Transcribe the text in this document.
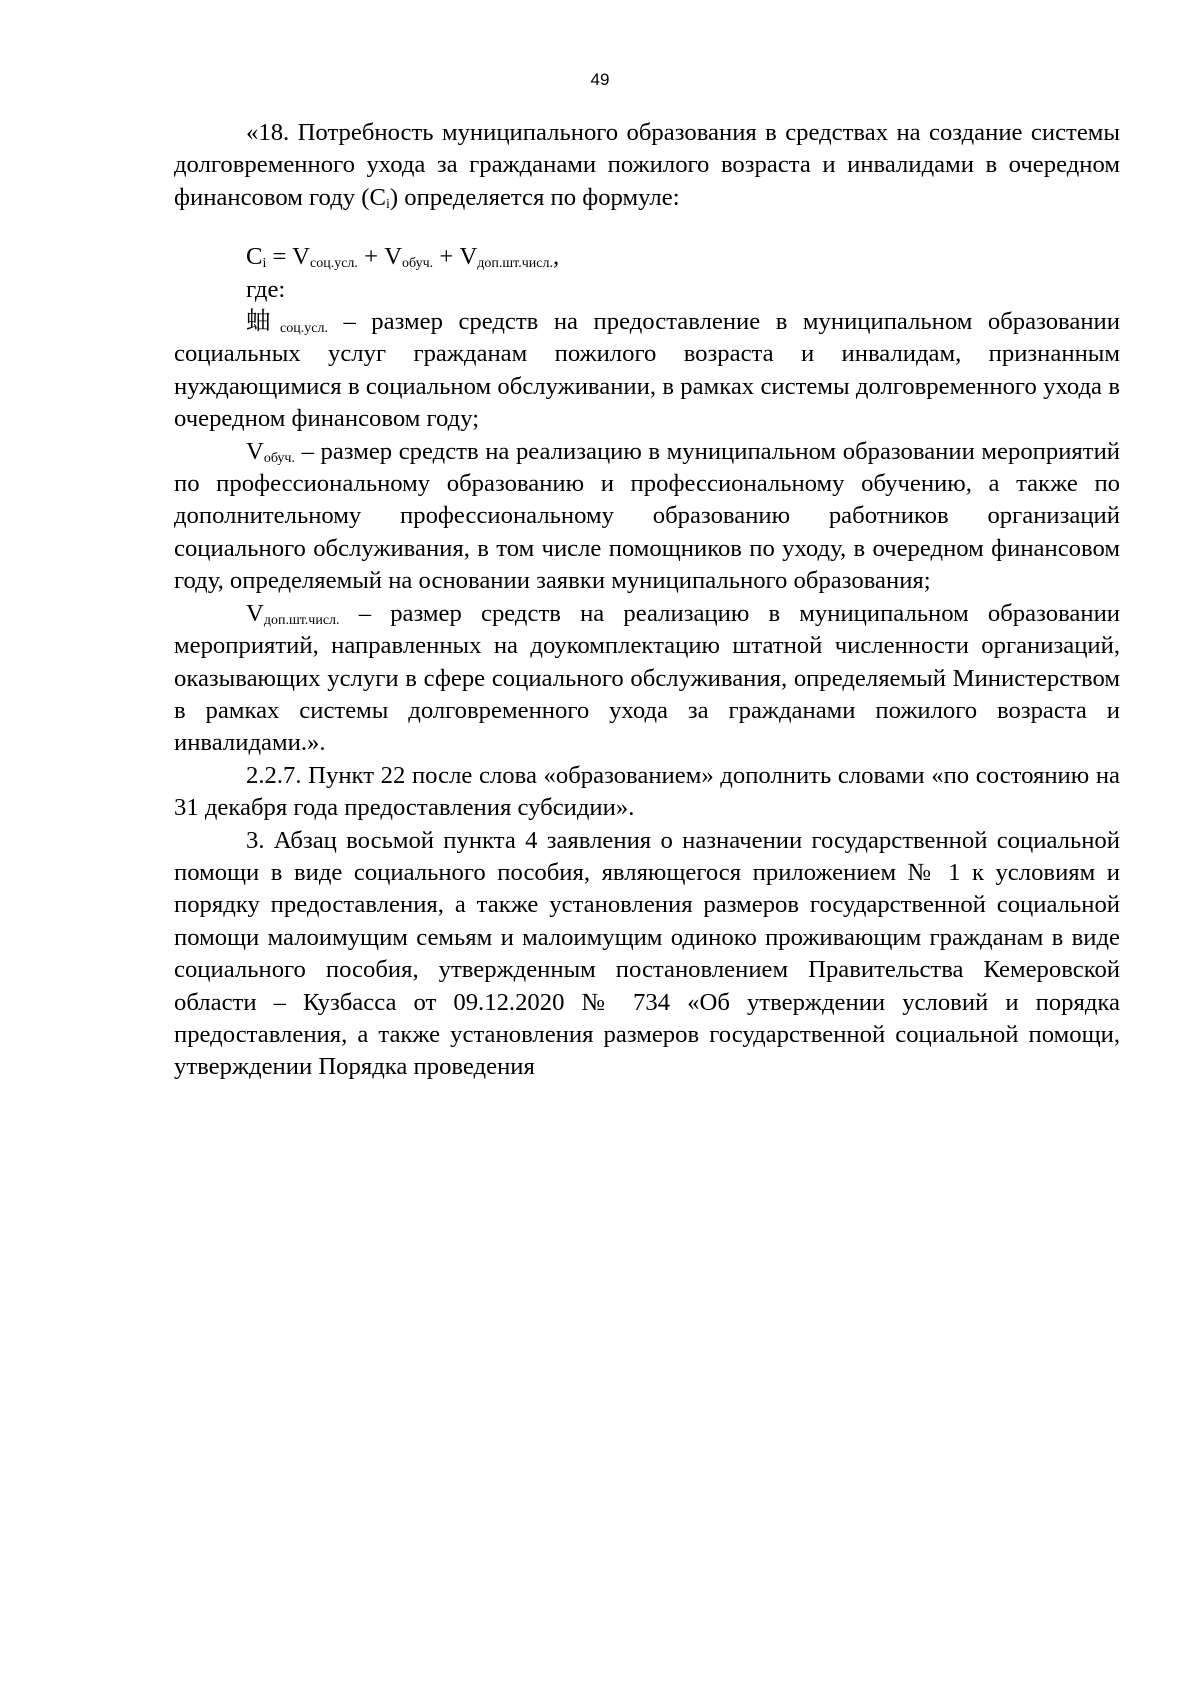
49

«18. Потребность муниципального образования в средствах на создание системы долговременного ухода за гражданами пожилого возраста и инвалидами в очередном финансовом году $(C_i)$ определяется по формуле:

$C_i = V_{соц.усл.} + V_{обуч.} + V_{доп.шт.числ.}$,
где:

蚰$_{соц.усл.}$ – размер средств на предоставление в муниципальном образовании социальных услуг гражданам пожилого возраста и инвалидам, признанным нуждающимися в социальном обслуживании, в рамках системы долговременного ухода в очередном финансовом году;

$V_{обуч.}$ – размер средств на реализацию в муниципальном образовании мероприятий по профессиональному образованию и профессиональному обучению, а также по дополнительному профессиональному образованию работников организаций социального обслуживания, в том числе помощников по уходу, в очередном финансовом году, определяемый на основании заявки муниципального образования;

$V_{доп.шт.числ.}$ – размер средств на реализацию в муниципальном образовании мероприятий, направленных на доукомплектацию штатной численности организаций, оказывающих услуги в сфере социального обслуживания, определяемый Министерством в рамках системы долговременного ухода за гражданами пожилого возраста и инвалидами.».

2.2.7. Пункт 22 после слова «образованием» дополнить словами «по состоянию на 31 декабря года предоставления субсидии».

3. Абзац восьмой пункта 4 заявления о назначении государственной социальной помощи в виде социального пособия, являющегося приложением № 1 к условиям и порядку предоставления, а также установления размеров государственной социальной помощи малоимущим семьям и малоимущим одиноко проживающим гражданам в виде социального пособия, утвержденным постановлением Правительства Кемеровской области – Кузбасса от 09.12.2020 № 734 «Об утверждении условий и порядка предоставления, а также установления размеров государственной социальной помощи, утверждении Порядка проведения
